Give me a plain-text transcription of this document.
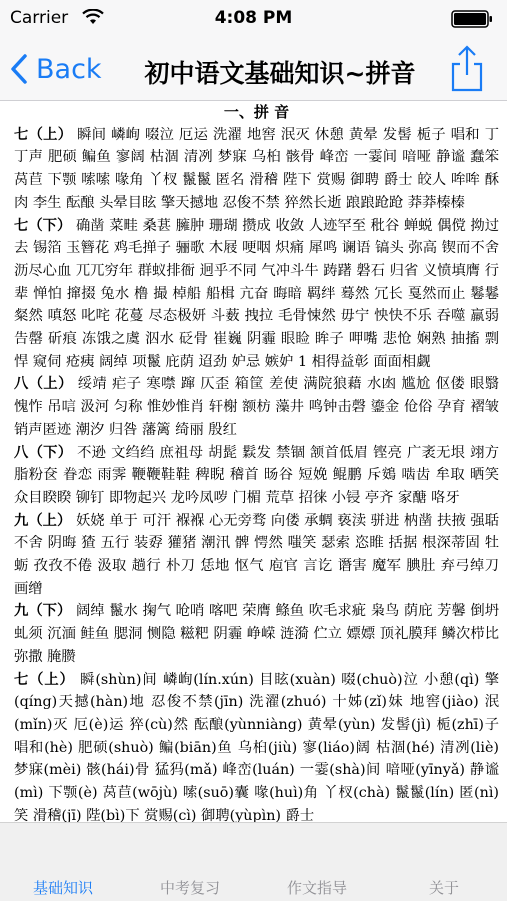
Carrier	4:08 PM
Back	初中语文基础知识~拼音
一、拼 音

七（上） 瞬间 嶙峋 啜泣 厄运 洗濯 地窖 泯灭 休憩 黄晕 发髻 栀子 唱和 丁丁声 肥硕 鳊鱼 寥阔 枯涸 清冽 梦寐 乌桕 骸骨 峰峦 一霎间 喑哑 静谧 蠢笨 莴苣 下颚 嗦嗦 喙角 丫杈 鬣鬣 匿名 滑稽 陛下 赏赐 御聘 爵士 皎人 哞哞 酥肉 李生 酝酿 头晕目眩 擎天撼地 忍俊不禁 猝然长逝 踉踉跄跄 莽莽榛榛

七（下） 确凿 菜畦 桑葚 臃肿 珊瑚 攒成 收敛 人迹罕至 秕谷 蝉蜕 偶傥 拗过去 锡箔 玉簪花 鸡毛掸子 骊歌 木屐 哽咽 炽痛 犀鸣 谰语 镐头 弥高 锲而不舍 沥尽心血 兀兀穷年 群蚁排衙 迥乎不同 气冲斗牛 踌躇 磐石 归省 义愤填膺 行辈 惮怕 撺掇 兔水 橹 撮 棹船 船楫 亢奋 晦暗 羁绊 蓦然 冗长 戛然而止 鬈鬈 粲然 嗔怒 叱咤 花蔓 尽态极妍 斗薮 拽拉 毛骨悚然 毋宁 怏快不乐 吞噬 羸弱 告罄 斫痕 冻饿之虞 泅水 砭骨 崔巍 阴霾 眼睑 眸子 呷嘴 悲怆 娴熟 抽搐 剽悍 窥伺 疮痍 阔绰 项鬣 庇荫 迢劲 妒忌 嫉妒 1 相得益彰 面面相觑

八（上） 绥靖 疟子 寒噤 蹿 仄歪 箱筐 差使 满院狼藉 水凼 尴尬 伛偻 眼翳 愧怍 吊唁 汲河 匀称 惟妙惟肖 轩榭 额枋 藻井 鸣钟击磬 鎏金 伧俗 孕育 褶皱 销声匿迹 潮汐 归咎 藩篱 绮丽 殷红

八（下） 不逊 文绉绉 庶祖母 胡髭 鬏发 禁锢 颔首低眉 铿亮 广袤无垠 翊方 脂粉奁 眷恋 雨霁 鞭鞭鞋鞋 稗睨 稽首 旸谷 短娩 鲲鹏 斥鴳 啮齿 牟取 晒笑 众目睽睽 铆钉 即物起兴 龙吟凤哕 门楣 荒草 招徕 小锓 亭齐 家醣 咯牙

九（上） 妖娆 单于 可汗 褓褓 心无旁骛 向偻 承蜩 亵渎 骈进 枘凿 扶掖 强聒不舍 阴晦 猹 五行 装孬 獾猪 潮汛 髀 愕然 嗤笑 瑟索 恣睢 括据 根深蒂固 牡蛎 孜孜不倦 汲取 趟行 朴刀 恁地 怄气 庖官 言讫 谮害 魔军 腆肚 弃弓绰刀 画缯

九（下） 阔绰 鬣水 掬气 呛哨 喀吧 荣膺 鲦鱼 吹毛求疵 枭鸟 荫庇 芳馨 倒坍 虬须 沉湎 鲑鱼 腮洞 恻隐 糍粑 阴霾 峥嵘 涟漪 伫立 嫖嫖 顶礼膜拜 鳞次栉比 弥撒 腌臜

七（上） 瞬(shùn)间 嶙峋(lín.xún) 目眩(xuàn) 啜(chuò)泣 小憩(qì) 擎(qíng)天撼(hàn)地 忍俊不禁(jīn) 洗濯(zhuó) 十姊(zǐ)妹 地窖(jiào) 泯(mǐn)灭 厄(è)运 猝(cù)然 酝酿(yùnniàng) 黄晕(yùn) 发髻(jì) 栀(zhī)子 唱和(hè) 肥硕(shuò) 鳊(biān)鱼 乌桕(jiù) 寥(liáo)阔 枯涸(hé) 清冽(liè) 梦寐(mèi) 骸(hái)骨 猛犸(mǎ) 峰峦(luán) 一霎(shà)间 喑哑(yīnyǎ) 静谧(mì) 下颚(è) 莴苣(wōjù) 嗦(suō)囊 喙(huì)角 丫杈(chà) 鬣鬣(lín) 匿(nì)笑 滑稽(jī) 陛(bì)下 赏赐(cì) 御聘(yùpìn) 爵士

基础知识	中考复习	作文指导	关于
